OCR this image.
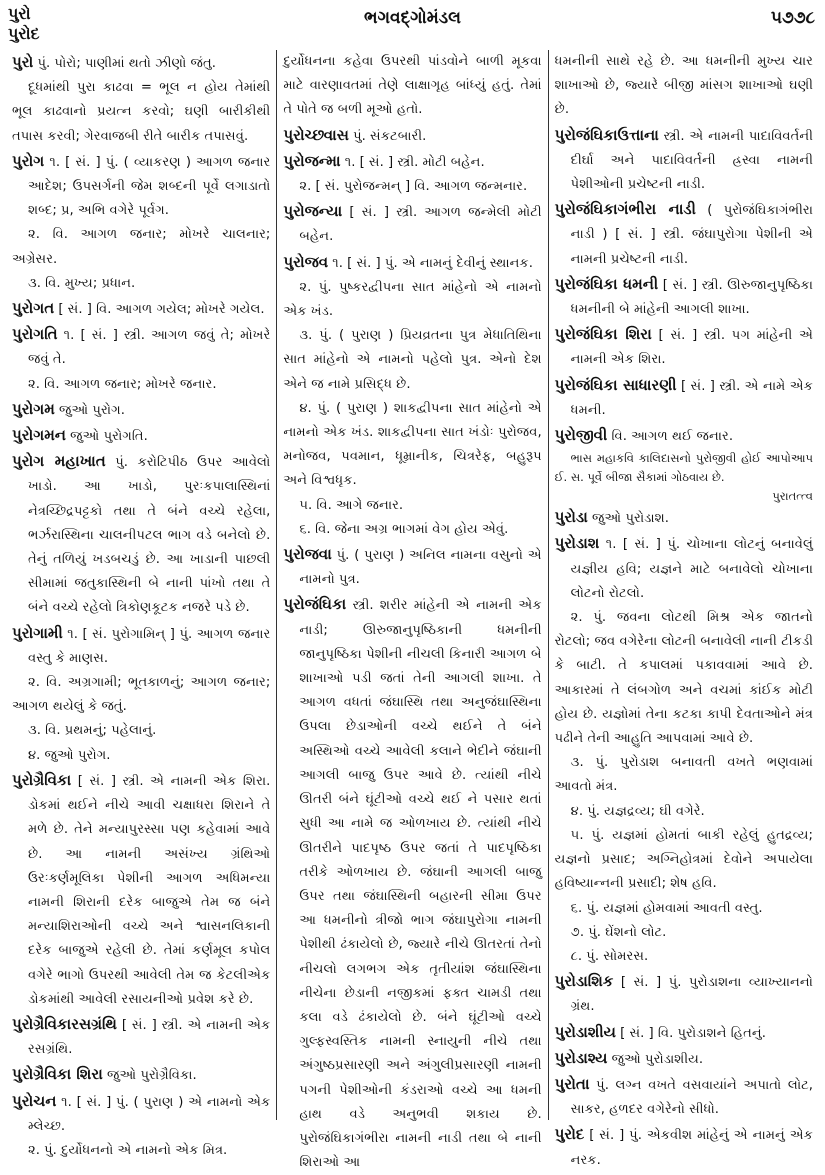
પુરો
પુરોદ
ભગવદ્ગોમંડલ	૫૭૭૮

પુરો પું. પોરો; પાણીમાં થતો ઝીણો જંતુ.

દૂધમાંથી પુરા કાઢવા = ભૂલ ન હોય તેમાંથી ભૂલ કાઢવાનો પ્રયત્ન કરવો; ઘણી બારીકીથી તપાસ કરવી; ગેરવાજબી રીતે બારીક તપાસવું.

પુરોગ ૧. [ સં. ] પું. ( વ્યાકરણ ) આગળ જનાર આદેશ; ઉપસર્ગની જેમ શબ્દની પૂર્વે લગાડાતો શબ્દ; પ્ર, અભિ વગેરે પૂર્વગ.

૨. વિ. આગળ જનાર; મોખરે ચાલનાર; અગ્રેસર.

૩. વિ. મુખ્ય; પ્રધાન.

પુરોગત [ સં. ] વિ. આગળ ગયેલ; મોખરે ગયેલ.

પુરોગતિ ૧. [ સં. ] સ્ત્રી. આગળ જવું તે; મોખરે જવું તે.

૨. વિ. આગળ જનાર; મોખરે જનાર.

પુરોગમ જુઓ પુરોગ.

પુરોગમન જુઓ પુરોગતિ.

પુરોગ મહાખાત પું. કરોટિપીઠ ઉપર આવેલો ખાડો. આ ખાડો, પુરઃકપાલાસ્થિનાં નેત્રચ્છિદ્રપટ્ટકો તથા તે બંને વચ્ચે રહેલા, ભર્ઝરાસ્થિના ચાલનીપટલ ભાગ વડે બનેલો છે. તેનું તળિયું ખડબચડું છે. આ ખાડાની પાછલી સીમામાં જતુકાસ્થિની બે નાની પાંખો તથા તે બંને વચ્ચે રહેલો ત્રિકોણકૂટક નજરે પડે છે.

પુરોગામી ૧. [ સં. પુરોગામિન્ ] પું. આગળ જનાર વસ્તુ કે માણસ.

૨. વિ. અગ્રગામી; ભૂતકાળનું; આગળ જનાર; આગળ થયેલું કે જતું.

૩. વિ. પ્રથમનું; પહેલાનું.

૪. જુઓ પુરોગ.

પુરોગ્રૈવિકા [ સં. ] સ્ત્રી. એ નામની એક શિરા. ડોકમાં થઈને નીચે આવી ચક્ષાધરા શિરાને તે મળે છે. તેને મન્યાપુરસ્સા પણ કહેવામાં આવે છે. આ નામની અસંખ્ય ગ્રંથિઓ ઉરઃકર્ણમૂલિકા પેશીની આગળ અધિમન્યા નામની શિરાની દરેક બાજુએ તેમ જ બંને મન્યાશિરાઓની વચ્ચે અને શ્વાસનલિકાની દરેક બાજુએ રહેલી છે. તેમાં કર્ણમૂલ કપોલ વગેરે ભાગો ઉપરથી આવેલી તેમ જ કેટલીએક ડોકમાંથી આવેલી રસાયનીઓ પ્રવેશ કરે છે.

પુરોગ્રૈવિકારસગ્રંથિ [ સં. ] સ્ત્રી. એ નામની એક રસગ્રંથિ.

પુરોગ્રૈવિકા શિરા જુઓ પુરોગ્રૈવિકા.

પુરોચન ૧. [ સં. ] પું. ( પુરાણ ) એ નામનો એક મ્લેચ્છ.

૨. પું. દુર્યોધનનો એ નામનો એક મિત્ર.

દુર્યોધનના કહેવા ઉપરથી પાંડવોને બાળી મૂકવા માટે વારણાવતમાં તેણે લાક્ષાગૃહ બાંધ્યું હતું. તેમાં તે પોતે જ બળી મૂઓ હતો.

પુરોચ્છ્વાસ પું. સંકટબારી.

પુરોજન્મા ૧. [ સં. ] સ્ત્રી. મોટી બહેન.

૨. [ સં. પુરોજન્મન્ ] વિ. આગળ જન્મનાર.

પુરોજન્યા [ સં. ] સ્ત્રી. આગળ જન્મેલી મોટી બહેન.

પુરોજવ ૧. [ સં. ] પું. એ નામનું દેવીનું સ્થાનક.

૨. પું. પુષ્કરદ્વીપના સાત માંહેનો એ નામનો એક ખંડ.

૩. પું. ( પુરાણ ) પ્રિયવ્રતના પુત્ર મેધાતિથિના સાત માંહેનો એ નામનો પહેલો પુત્ર. એનો દેશ એને જ નામે પ્રસિદ્ધ છે.

૪. પું. ( પુરાણ ) શાકદ્વીપના સાત માંહેનો એ નામનો એક ખંડ. શાકદ્વીપના સાત ખંડોઃ પુરોજવ, મનોજવ, પવમાન, ધૂમ્રાનીક, ચિત્રરેફ, બહુરૂપ અને વિશ્વધૃક.

૫. વિ. આગે જનાર.

૬. વિ. જેના અગ્ર ભાગમાં વેગ હોય એવું.

પુરોજવા પું. ( પુરાણ ) અનિલ નામના વસુનો એ નામનો પુત્ર.

પુરોજંઘિકા સ્ત્રી. શરીર માંહેની એ નામની એક નાડી; ઊરુજાનુપૃષ્ઠિકાની ધમનીની જાનુપૃષ્ઠિકા પેશીની નીચલી કિનારી આગળ બે શાખાઓ પડી જતાં તેની આગલી શાખા. તે આગળ વધતાં જંઘાસ્થિ તથા અનુજંઘાસ્થિના ઉપલા છેડાઓની વચ્ચે થઈને તે બંને અસ્થિઓ વચ્ચે આવેલી કલાને ભેદીને જંઘાની આગલી બાજુ ઉપર આવે છે. ત્યાંથી નીચે ઊતરી બંને ઘૂંટીઓ વચ્ચે થઈ ને પસાર થતાં સુધી આ નામે જ ઓળખાય છે. ત્યાંથી નીચે ઊતરીને પાદપૃષ્ઠ ઉપર જતાં તે પાદપૃષ્ઠિકા તરીકે ઓળખાય છે. જંઘાની આગલી બાજુ ઉપર તથા જંઘાસ્થિની બહારની સીમા ઉપર આ ધમનીનો ત્રીજો ભાગ જંઘાપુરોગા નામની પેશીથી ઢંકાયેલો છે, જ્યારે નીચે ઊતરતાં તેનો નીચલો લગભગ એક તૃતીયાંશ જંઘાસ્થિના નીચેના છેડાની નજીકમાં ફક્ત ચામડી તથા કલા વડે ઢંકાયેલો છે. બંને ઘૂંટીઓ વચ્ચે ગુલ્ફસ્વસ્તિક નામની સ્નાયુની નીચે તથા અંગુષ્ઠપ્રસારણી અને અંગુલીપ્રસારણી નામની પગની પેશીઓની કંડરાઓ વચ્ચે આ ધમની હાથ વડે અનુભવી શકાય છે. પુરોજંઘિકાગંભીરા નામની નાડી તથા બે નાની શિરાઓ આ

ધમનીની સાથે રહે છે. આ ધમનીની મુખ્ય ચાર શાખાઓ છે, જ્યારે બીજી માંસગ શાખાઓ ઘણી છે.

પુરોજંઘિકાઉત્તાના સ્ત્રી. એ નામની પાદાવિવર્તની દીર્ઘા અને પાદાવિવર્તની હ્રસ્વા નામની પેશીઓની પ્રચેષ્ટની નાડી.

પુરોજંઘિકાગંભીરા નાડી ( પુરોજંઘિકાગંભીરા નાડી ) [ સં. ] સ્ત્રી. જંઘાપુરોગા પેશીની એ નામની પ્રચેષ્ટની નાડી.

પુરોજંઘિકા ધમની [ સં. ] સ્ત્રી. ઊરુજાનુપૃષ્ઠિકા ધમનીની બે માંહેની આગલી શાખા.

પુરોજંઘિકા શિરા [ સં. ] સ્ત્રી. પગ માંહેની એ નામની એક શિરા.

પુરોજંઘિકા સાધારણી [ સં. ] સ્ત્રી. એ નામે એક ધમની.

પુરોજીવી વિ. આગળ થઈ જનાર.

ભાસ મહાકવિ કાલિદાસનો પુરોજીવી હોઈ આપોઆપ ઈ. સ. પૂર્વે બીજા સૈકામાં ગોઠવાય છે.

પુરાતત્ત્વ

પુરોડા જુઓ પુરોડાશ.

પુરોડાશ ૧. [ સં. ] પું. ચોખાના લોટનું બનાવેલું યજ્ઞીય હવિ; યજ્ઞને માટે બનાવેલો ચોખાના લોટનો રોટલો.

૨. પું. જવના લોટથી મિશ્ર એક જાતનો રોટલો; જવ વગેરેના લોટની બનાવેલી નાની ટીકડી કે બાટી. તે કપાલમાં પકાવવામાં આવે છે. આકારમાં તે લંબગોળ અને વચમાં કાંઈક મોટી હોય છે. યજ્ઞોમાં તેના કટકા કાપી દેવતાઓને મંત્ર પઢીને તેની આહુતિ આપવામાં આવે છે.

૩. પું. પુરોડાશ બનાવતી વખતે ભણવામાં આવતો મંત્ર.

૪. પું. યજ્ઞદ્રવ્ય; ઘી વગેરે.

૫. પું. યજ્ઞમાં હોમતાં બાકી રહેલું હુતદ્રવ્ય; યજ્ઞનો પ્રસાદ; અગ્નિહોત્રમાં દેવોને અપાયેલા હવિષ્યાન્નની પ્રસાદી; શેષ હવિ.

૬. પું. યજ્ઞમાં હોમવામાં આવતી વસ્તુ.

૭. પું. ઘેંશનો લોટ.

૮. પું. સોમરસ.

પુરોડાશિક [ સં. ] પું. પુરોડાશના વ્યાખ્યાનનો ગ્રંથ.

પુરોડાશીય [ સં. ] વિ. પુરોડાશને હિતનું.

પુરોડાશ્ય જુઓ પુરોડાશીય.

પુરોતા પું. લગ્ન વખતે વસવાયાંને અપાતો લોટ, સાકર, હળદર વગેરેનો સીધો.

પુરોદ [ સં. ] પું. એકવીશ માંહેનું એ નામનું એક નરક.
